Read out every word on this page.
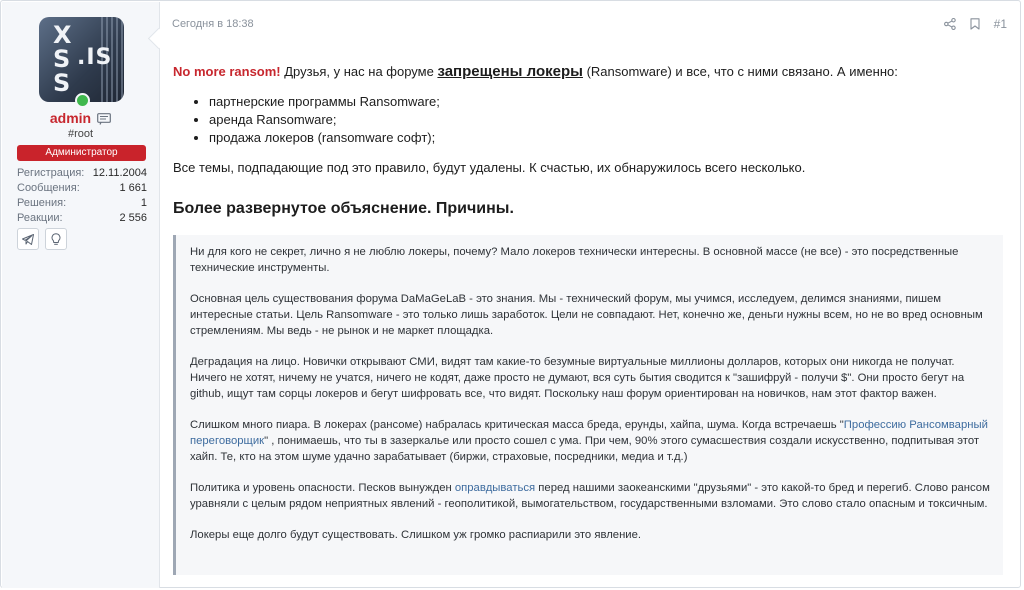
X
S
S
.IS
admin
#root
Администратор
Регистрация: 12.11.2004
Сообщения:	1 661
Решения:	1
Реакции:	2 556
Сегодня в 18:38	#1

No more ransom! Друзья, у нас на форуме запрещены локеры (Ransomware) и все, что с ними связано. А именно:

• партнерские программы Ransomware;
• аренда Ransomware;
• продажа локеров (ransomware софт);

Все темы, подпадающие под это правило, будут удалены. К счастью, их обнаружилось всего несколько.

Более развернутое объяснение. Причины.

Ни для кого не секрет, лично я не люблю локеры, почему? Мало локеров технически интересны. В основной массе (не все) - это посредственные технические инструменты.

Основная цель существования форума DaMaGeLaB - это знания. Мы - технический форум, мы учимся, исследуем, делимся знаниями, пишем интересные статьи. Цель Ransomware - это только лишь заработок. Цели не совпадают. Нет, конечно же, деньги нужны всем, но не во вред основным стремлениям. Мы ведь - не рынок и не маркет площадка.

Деградация на лицо. Новички открывают СМИ, видят там какие-то безумные виртуальные миллионы долларов, которых они никогда не получат. Ничего не хотят, ничему не учатся, ничего не кодят, даже просто не думают, вся суть бытия сводится к "зашифруй - получи $". Они просто бегут на github, ищут там сорцы локеров и бегут шифровать все, что видят. Поскольку наш форум ориентирован на новичков, нам этот фактор важен.

Слишком много пиара. В локерах (рансоме) набралась критическая масса бреда, ерунды, хайпа, шума. Когда встречаешь "Профессию Рансомварный переговорщик" , понимаешь, что ты в зазеркалье или просто сошел с ума. При чем, 90% этого сумасшествия создали искусственно, подпитывая этот хайп. Те, кто на этом шуме удачно зарабатывает (биржи, страховые, посредники, медиа и т.д.)

Политика и уровень опасности. Песков вынужден оправдываться перед нашими заокеанскими "друзьями" - это какой-то бред и перегиб. Слово рансом уравняли с целым рядом неприятных явлений - геополитикой, вымогательством, государственными взломами. Это слово стало опасным и токсичным.

Локеры еще долго будут существовать. Слишком уж громко распиарили это явление.
